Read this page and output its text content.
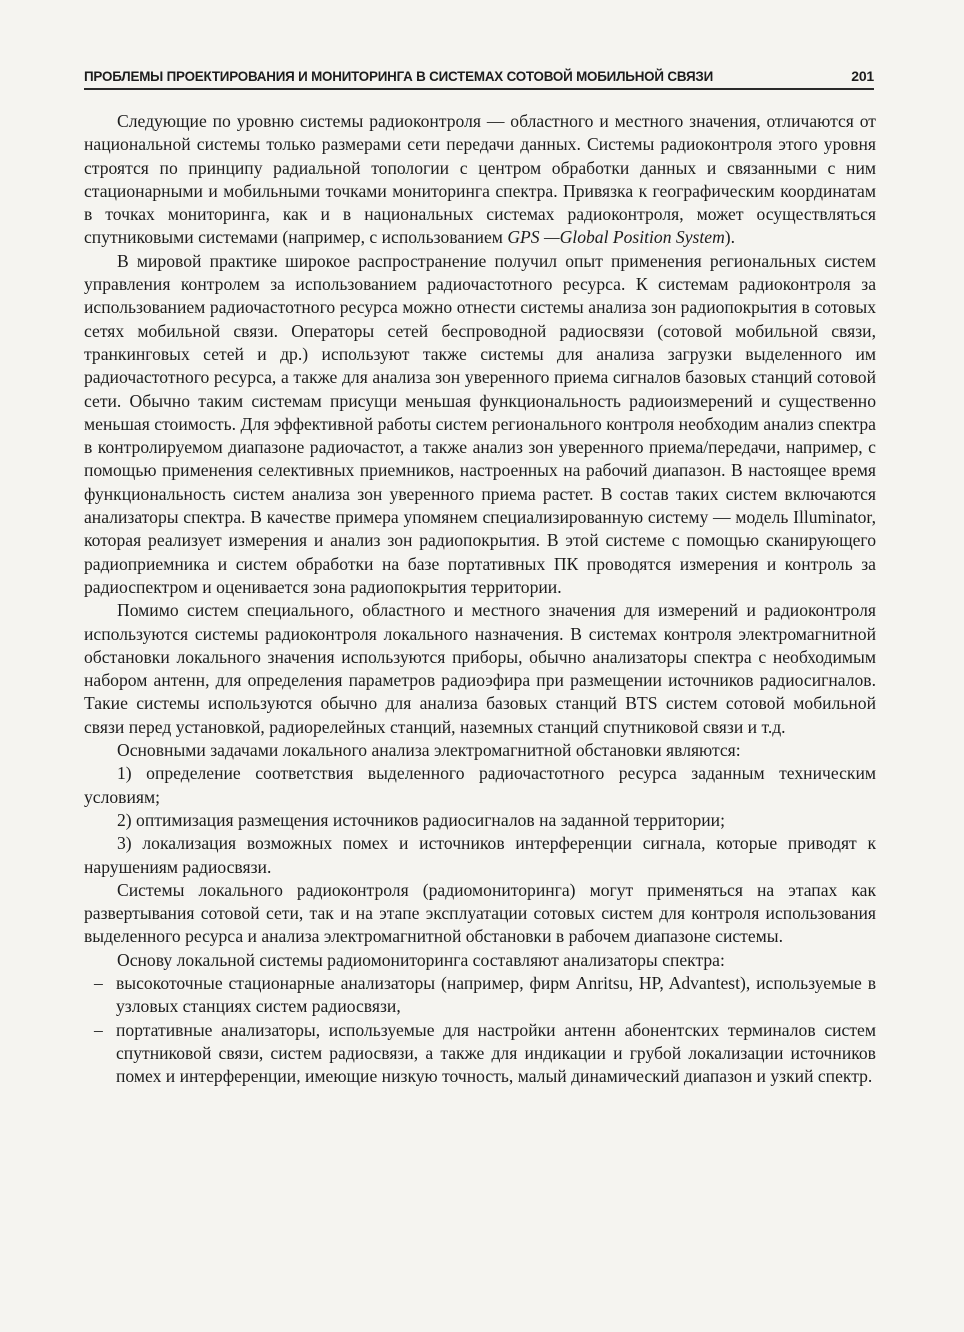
ПРОБЛЕМЫ ПРОЕКТИРОВАНИЯ И МОНИТОРИНГА В СИСТЕМАХ СОТОВОЙ МОБИЛЬНОЙ СВЯЗИ	201

Следующие по уровню системы радиоконтроля — областного и местного значения, отличаются от национальной системы только размерами сети передачи данных. Системы радиоконтроля этого уровня строятся по принципу радиальной топологии с центром обработки данных и связанными с ним стационарными и мобильными точками мониторинга спектра. Привязка к географическим координатам в точках мониторинга, как и в национальных системах радиоконтроля, может осуществляться спутниковыми системами (например, с использованием GPS —Global Position System).

В мировой практике широкое распространение получил опыт применения региональных систем управления контролем за использованием радиочастотного ресурса. К системам радиоконтроля за использованием радиочастотного ресурса можно отнести системы анализа зон радиопокрытия в сотовых сетях мобильной связи. Операторы сетей беспроводной радиосвязи (сотовой мобильной связи, транкинговых сетей и др.) используют также системы для анализа загрузки выделенного им радиочастотного ресурса, а также для анализа зон уверенного приема сигналов базовых станций сотовой сети. Обычно таким системам присущи меньшая функциональность радиоизмерений и существенно меньшая стоимость. Для эффективной работы систем регионального контроля необходим анализ спектра в контролируемом диапазоне радиочастот, а также анализ зон уверенного приема/передачи, например, с помощью применения селективных приемников, настроенных на рабочий диапазон. В настоящее время функциональность систем анализа зон уверенного приема растет. В состав таких систем включаются анализаторы спектра. В качестве примера упомянем специализированную систему — модель Illuminator, которая реализует измерения и анализ зон радиопокрытия. В этой системе с помощью сканирующего радиоприемника и систем обработки на базе портативных ПК проводятся измерения и контроль за радиоспектром и оценивается зона радиопокрытия территории.

Помимо систем специального, областного и местного значения для измерений и радиоконтроля используются системы радиоконтроля локального назначения. В системах контроля электромагнитной обстановки локального значения используются приборы, обычно анализаторы спектра с необходимым набором антенн, для определения параметров радиоэфира при размещении источников радиосигналов. Такие системы используются обычно для анализа базовых станций BTS систем сотовой мобильной связи перед установкой, радиорелейных станций, наземных станций спутниковой связи и т.д.

Основными задачами локального анализа электромагнитной обстановки являются:

1) определение соответствия выделенного радиочастотного ресурса заданным техническим условиям;

2) оптимизация размещения источников радиосигналов на заданной территории;

3) локализация возможных помех и источников интерференции сигнала, которые приводят к нарушениям радиосвязи.

Системы локального радиоконтроля (радиомониторинга) могут применяться на этапах как развертывания сотовой сети, так и на этапе эксплуатации сотовых систем для контроля использования выделенного ресурса и анализа электромагнитной обстановки в рабочем диапазоне системы.

Основу локальной системы радиомониторинга составляют анализаторы спектра:

– высокоточные стационарные анализаторы (например, фирм Anritsu, HP, Advantest), используемые в узловых станциях систем радиосвязи,
– портативные анализаторы, используемые для настройки антенн абонентских терминалов систем спутниковой связи, систем радиосвязи, а также для индикации и грубой локализации источников помех и интерференции, имеющие низкую точность, малый динамический диапазон и узкий спектр.
